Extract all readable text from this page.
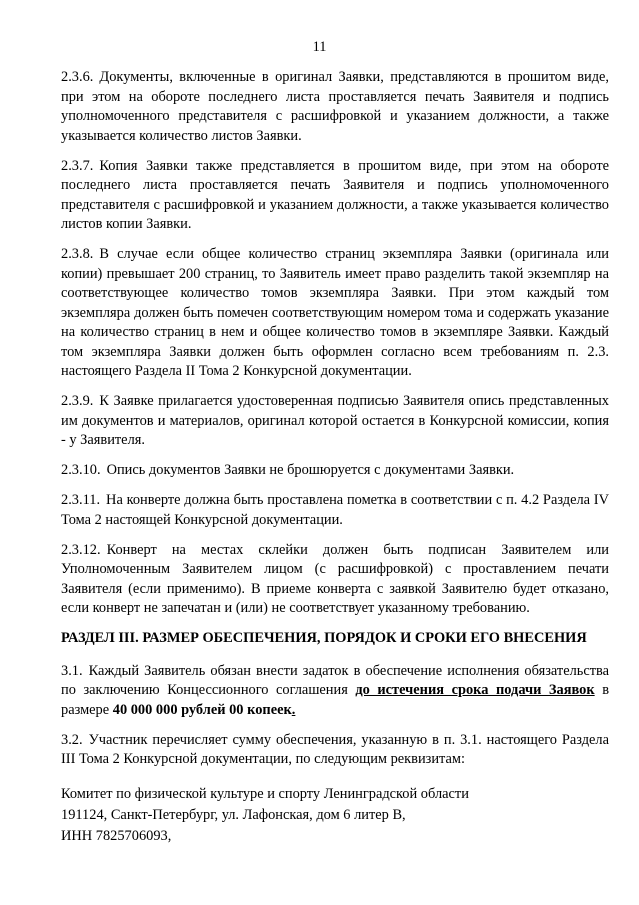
11

2.3.6. Документы, включенные в оригинал Заявки, представляются в прошитом виде, при этом на обороте последнего листа проставляется печать Заявителя и подпись уполномоченного представителя с расшифровкой и указанием должности, а также указывается количество листов Заявки.

2.3.7. Копия Заявки также представляется в прошитом виде, при этом на обороте последнего листа проставляется печать Заявителя и подпись уполномоченного представителя с расшифровкой и указанием должности, а также указывается количество листов копии Заявки.

2.3.8. В случае если общее количество страниц экземпляра Заявки (оригинала или копии) превышает 200 страниц, то Заявитель имеет право разделить такой экземпляр на соответствующее количество томов экземпляра Заявки. При этом каждый том экземпляра должен быть помечен соответствующим номером тома и содержать указание на количество страниц в нем и общее количество томов в экземпляре Заявки. Каждый том экземпляра Заявки должен быть оформлен согласно всем требованиям п. 2.3. настоящего Раздела II Тома 2 Конкурсной документации.

2.3.9. К Заявке прилагается удостоверенная подписью Заявителя опись представленных им документов и материалов, оригинал которой остается в Конкурсной комиссии, копия - у Заявителя.

2.3.10. Опись документов Заявки не брошюруется с документами Заявки.

2.3.11. На конверте должна быть проставлена пометка в соответствии с п. 4.2 Раздела IV Тома 2 настоящей Конкурсной документации.

2.3.12. Конверт на местах склейки должен быть подписан Заявителем или Уполномоченным Заявителем лицом (с расшифровкой) с проставлением печати Заявителя (если применимо). В приеме конверта с заявкой Заявителю будет отказано, если конверт не запечатан и (или) не соответствует указанному требованию.

РАЗДЕЛ III. РАЗМЕР ОБЕСПЕЧЕНИЯ, ПОРЯДОК И СРОКИ ЕГО ВНЕСЕНИЯ

3.1. Каждый Заявитель обязан внести задаток в обеспечение исполнения обязательства по заключению Концессионного соглашения до истечения срока подачи Заявок в размере 40 000 000 рублей 00 копеек.

3.2. Участник перечисляет сумму обеспечения, указанную в п. 3.1. настоящего Раздела III Тома 2 Конкурсной документации, по следующим реквизитам:

Комитет по физической культуре и спорту Ленинградской области
191124, Санкт-Петербург, ул. Лафонская, дом 6 литер В,
ИНН 7825706093,
